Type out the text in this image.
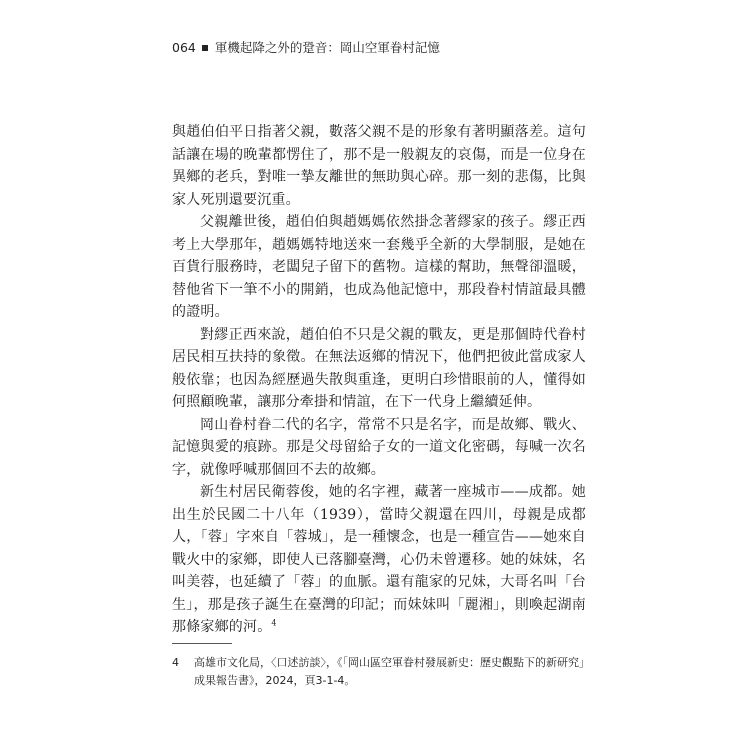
064 軍機起降之外的跫音：岡山空軍眷村記憶

與趙伯伯平日指著父親，數落父親不是的形象有著明顯落差。這句話讓在場的晚輩都愣住了，那不是一般親友的哀傷，而是一位身在異鄉的老兵，對唯一摯友離世的無助與心碎。那一刻的悲傷，比與家人死別還要沉重。

父親離世後，趙伯伯與趙媽媽依然掛念著繆家的孩子。繆正西考上大學那年，趙媽媽特地送來一套幾乎全新的大學制服，是她在百貨行服務時，老闆兒子留下的舊物。這樣的幫助，無聲卻溫暖，替他省下一筆不小的開銷，也成為他記憶中，那段眷村情誼最具體的證明。

對繆正西來說，趙伯伯不只是父親的戰友，更是那個時代眷村居民相互扶持的象徵。在無法返鄉的情況下，他們把彼此當成家人般依靠；也因為經歷過失散與重逢，更明白珍惜眼前的人，懂得如何照顧晚輩，讓那分牽掛和情誼，在下一代身上繼續延伸。

岡山眷村眷二代的名字，常常不只是名字，而是故鄉、戰火、記憶與愛的痕跡。那是父母留給子女的一道文化密碼，每喊一次名字，就像呼喊那個回不去的故鄉。

新生村居民衛蓉俊，她的名字裡，藏著一座城市——成都。她出生於民國二十八年（1939），當時父親還在四川，母親是成都人，「蓉」字來自「蓉城」，是一種懷念，也是一種宣告——她來自戰火中的家鄉，即使人已落腳臺灣，心仍未曾遷移。她的妹妹，名叫美蓉，也延續了「蓉」的血脈。還有龍家的兄妹，大哥名叫「台生」，那是孩子誕生在臺灣的印記；而妹妹叫「麗湘」，則喚起湖南那條家鄉的河。$^4$

4 高雄市文化局，〈口述訪談〉，《「岡山區空軍眷村發展新史：歷史觀點下的新研究」成果報告書》，2024，頁3-1-4。
